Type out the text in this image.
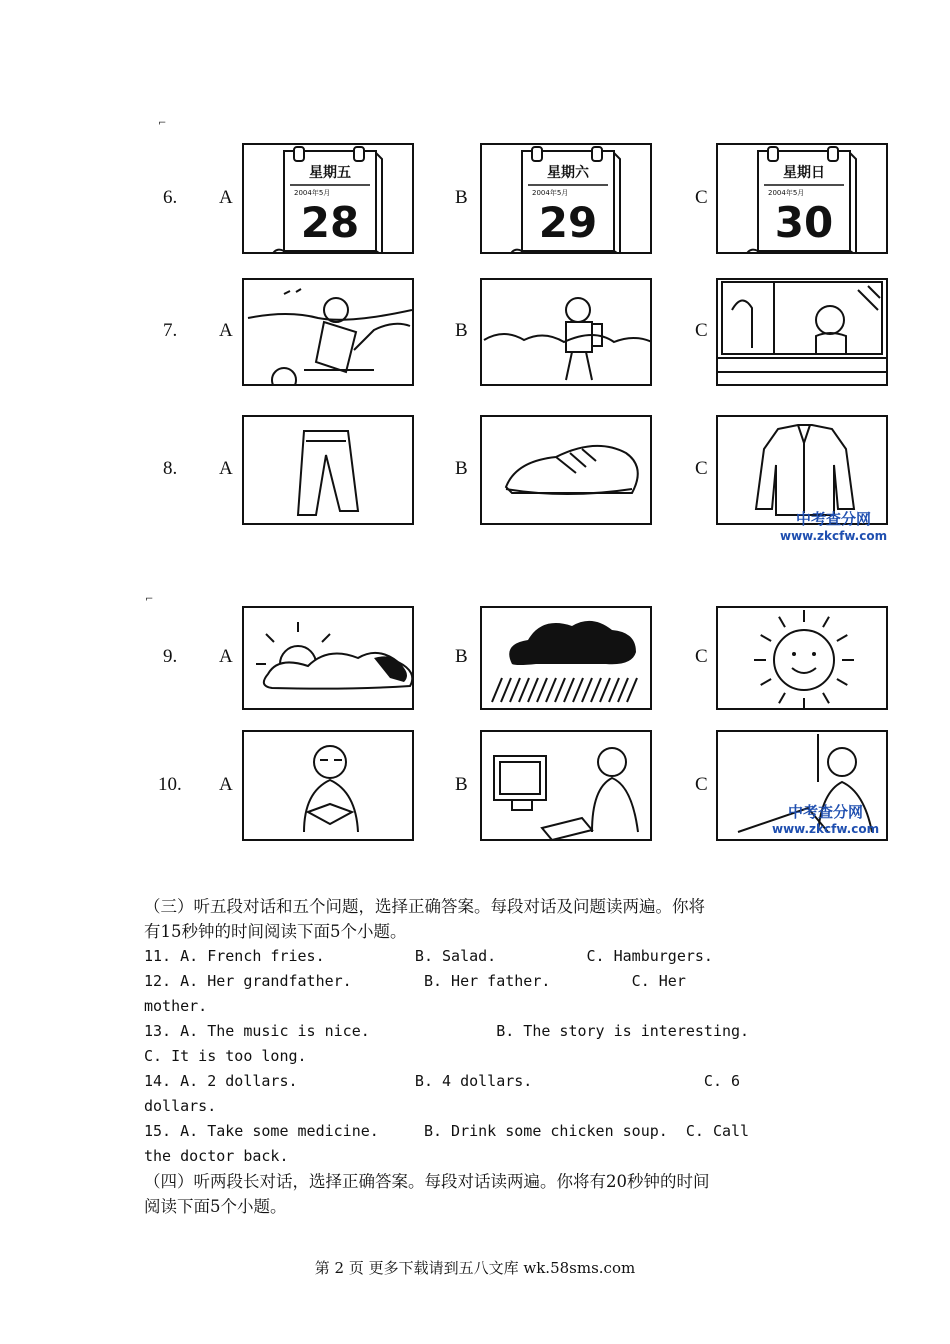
⌐
⌐
6. A
星期五
2004年5月
28
B
星期六
2004年5月
29
C
星期日
2004年5月
30
7. A	B	C
8. A	B	C
9. A	B	C
10. A	B	C
中考查分网
www.zkcfw.com
中考查分网
www.zkcfw.com
（三）听五段对话和五个问题，选择正确答案。每段对话及问题读两遍。你将
有15秒钟的时间阅读下面5个小题。
11. A. French fries.          B. Salad.          C. Hamburgers.
12. A. Her grandfather.        B. Her father.         C. Her
mother.
13. A. The music is nice.              B. The story is interesting.
C. It is too long.
14. A. 2 dollars.             B. 4 dollars.                   C. 6
dollars.
15. A. Take some medicine.     B. Drink some chicken soup.  C. Call
the doctor back.
（四）听两段长对话，选择正确答案。每段对话读两遍。你将有20秒钟的时间
阅读下面5个小题。
第 2 页 更多下载请到五八文库 wk.58sms.com
